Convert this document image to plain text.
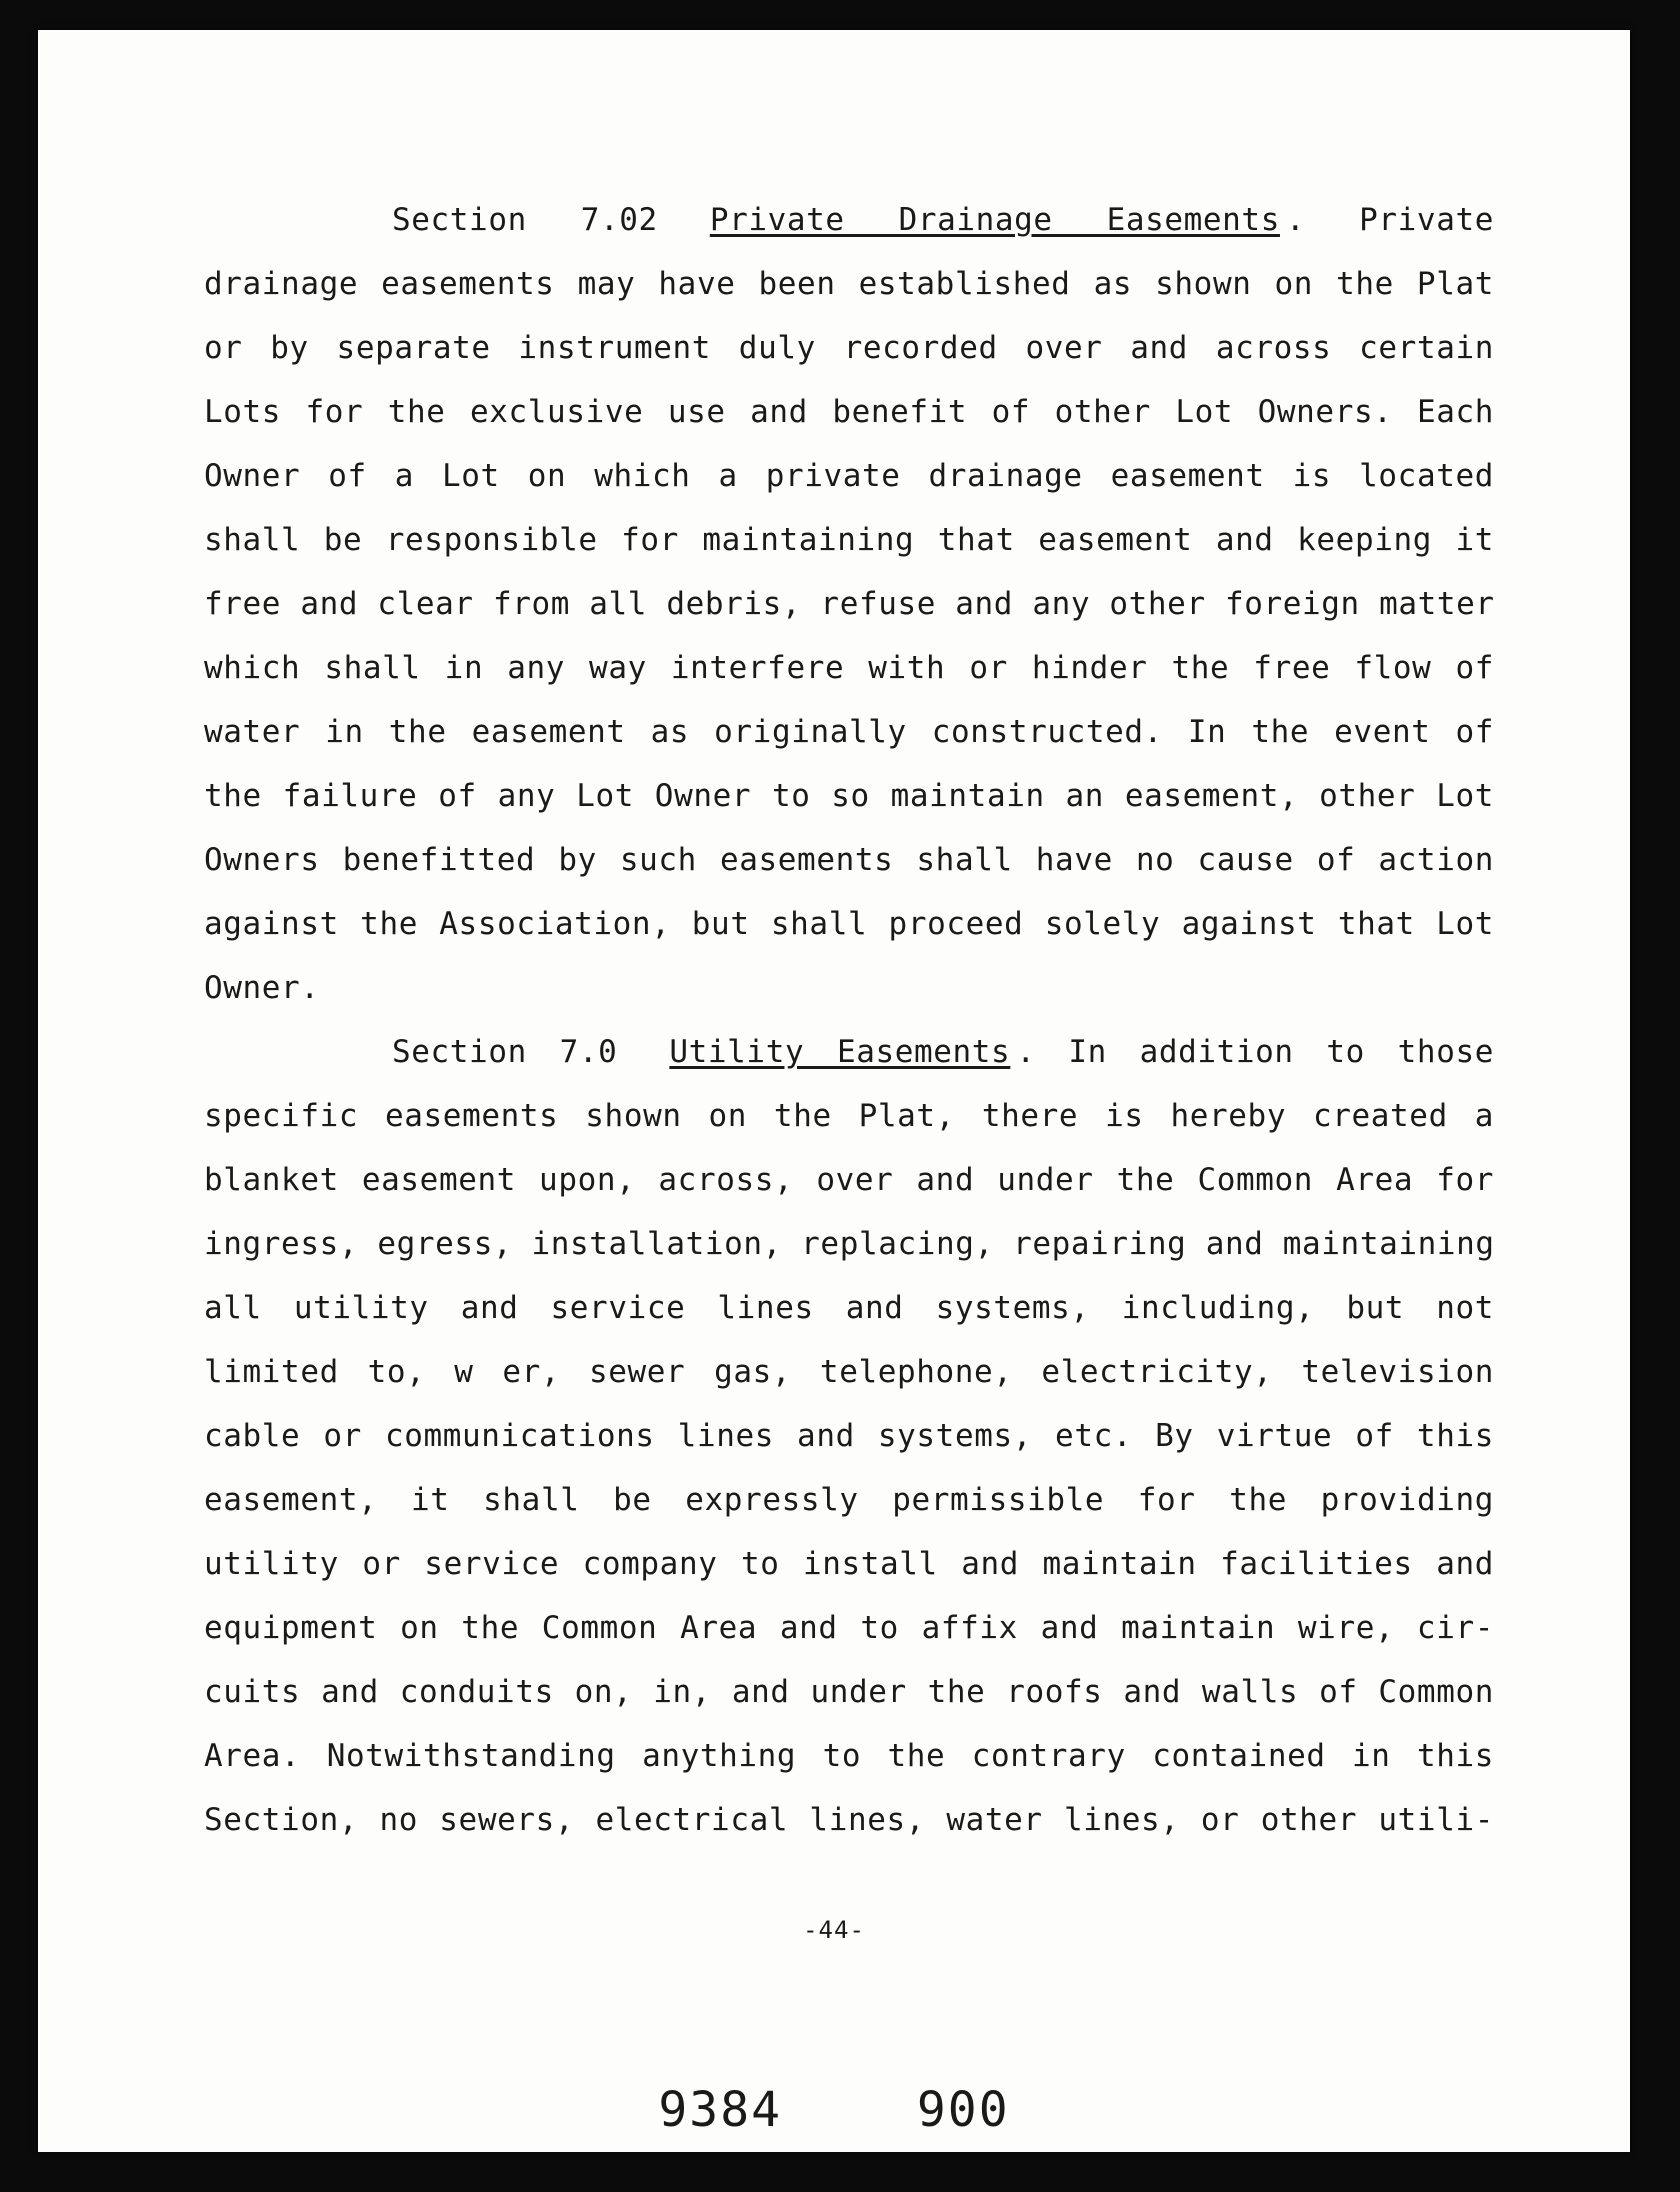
Section 7.02 Private Drainage Easements . Private
drainage easements may have been established as shown on the Plat
or by separate instrument duly recorded over and across certain
Lots for the exclusive use and benefit of other Lot Owners. Each
Owner of a Lot on which a private drainage easement is located
shall be responsible for maintaining that easement and keeping it
free and clear from all debris, refuse and any other foreign matter
which shall in any way interfere with or hinder the free flow of
water in the easement as originally constructed. In the event of
the failure of any Lot Owner to so maintain an easement, other Lot
Owners benefitted by such easements shall have no cause of action
against the Association, but shall proceed solely against that Lot
Owner.
Section 7.0 Utility Easements . In addition to those
specific easements shown on the Plat, there is hereby created a
blanket easement upon, across, over and under the Common Area for
ingress, egress, installation, replacing, repairing and maintaining
all utility and service lines and systems, including, but not
limited to, w er, sewer gas, telephone, electricity, television
cable or communications lines and systems, etc. By virtue of this
easement, it shall be expressly permissible for the providing
utility or service company to install and maintain facilities and
equipment on the Common Area and to affix and maintain wire, cir-
cuits and conduits on, in, and under the roofs and walls of Common
Area. Notwithstanding anything to the contrary contained in this
Section, no sewers, electrical lines, water lines, or other utili-
-44-
9384	900
